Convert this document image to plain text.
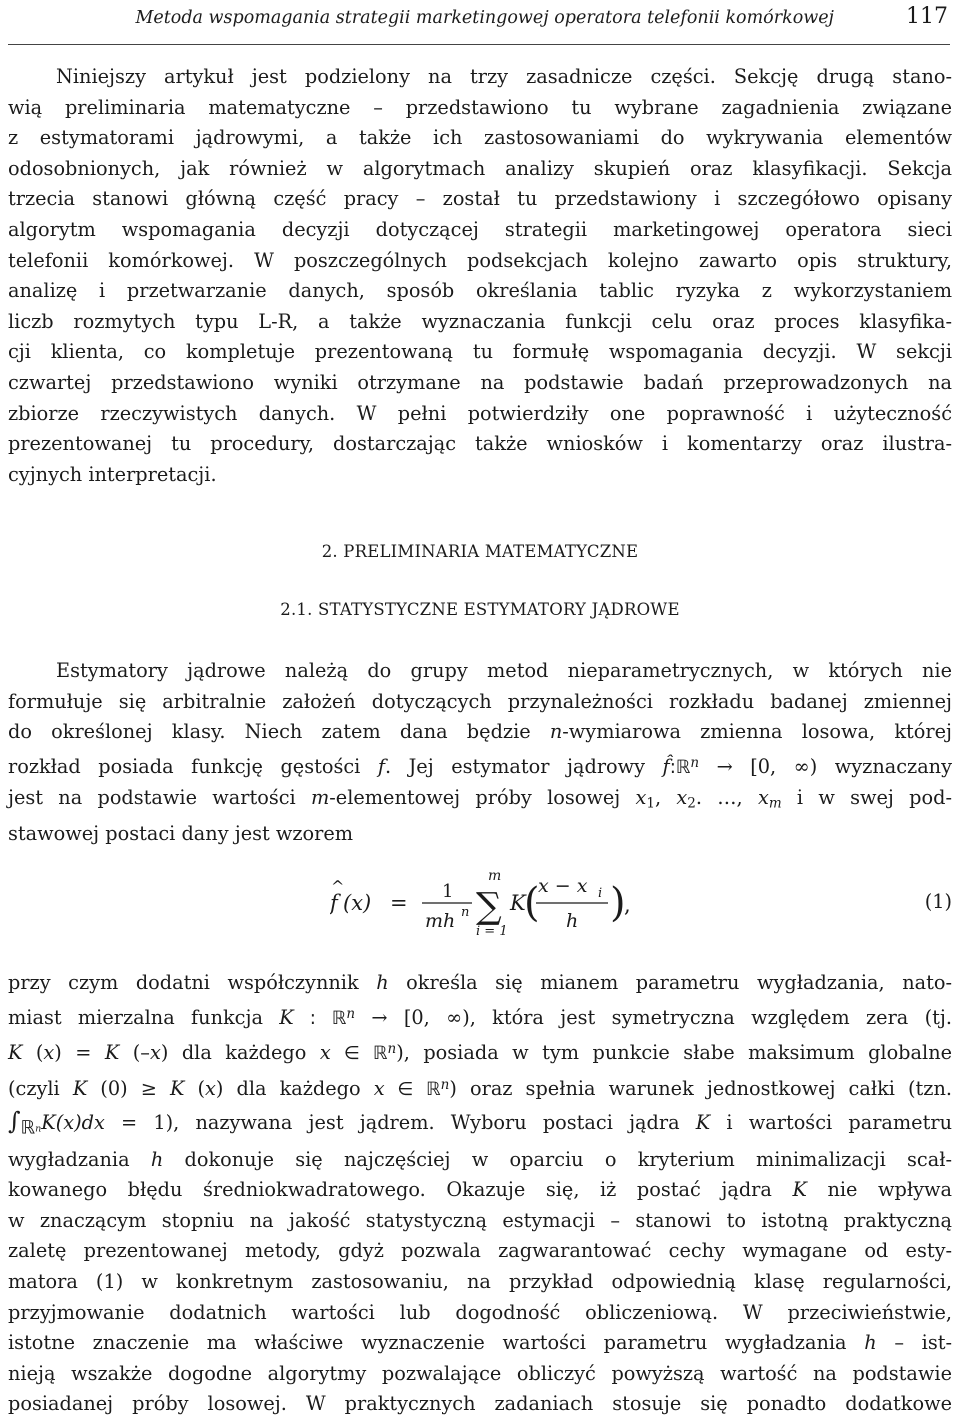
Metoda wspomagania strategii marketingowej operatora telefonii komórkowej	117

Niniejszy artykuł jest podzielony na trzy zasadnicze części. Sekcję drugą stano-
wią preliminaria matematyczne – przedstawiono tu wybrane zagadnienia związane
z estymatorami jądrowymi, a także ich zastosowaniami do wykrywania elementów
odosobnionych, jak również w algorytmach analizy skupień oraz klasyfikacji. Sekcja
trzecia stanowi główną część pracy – został tu przedstawiony i szczegółowo opisany
algorytm wspomagania decyzji dotyczącej strategii marketingowej operatora sieci
telefonii komórkowej. W poszczególnych podsekcjach kolejno zawarto opis struktury,
analizę i przetwarzanie danych, sposób określania tablic ryzyka z wykorzystaniem
liczb rozmytych typu L-R, a także wyznaczania funkcji celu oraz proces klasyfika-
cji klienta, co kompletuje prezentowaną tu formułę wspomagania decyzji. W sekcji
czwartej przedstawiono wyniki otrzymane na podstawie badań przeprowadzonych na
zbiorze rzeczywistych danych. W pełni potwierdziły one poprawność i użyteczność
prezentowanej tu procedury, dostarczając także wniosków i komentarzy oraz ilustra-
cyjnych interpretacji.

2. PRELIMINARIA MATEMATYCZNE
2.1. STATYSTYCZNE ESTYMATORY JĄDROWE

Estymatory jądrowe należą do grupy metod nieparametrycznych, w których nie
formułuje się arbitralnie założeń dotyczących przynależności rozkładu badanej zmiennej
do określonej klasy. Niech zatem dana będzie n-wymiarowa zmienna losowa, której
rozkład posiada funkcję gęstości f. Jej estymator jądrowy f̂:ℝ$^n$ → [0, ∞) wyznaczany
jest na podstawie wartości m-elementowej próby losowej $x_1$, $x_2$. …, $x_m$ i w swej pod-
stawowej postaci dany jest wzorem

f
^
(x) = 1
mh n
m
∑
i = 1
K
(
x − x i
h )
,	(1)

przy czym dodatni współczynnik h określa się mianem parametru wygładzania, nato-
miast mierzalna funkcja K : ℝ$^n$ → [0, ∞), która jest symetryczna względem zera (tj.
K (x) = K (–x) dla każdego x ∈ ℝ$^n$), posiada w tym punkcie słabe maksimum globalne
(czyli K (0) ≥ K (x) dla każdego x ∈ ℝ$^n$) oraz spełnia warunek jednostkowej całki (tzn.
∫ℝ$_n$K(x)dx = 1), nazywana jest jądrem. Wyboru postaci jądra K i wartości parametru
wygładzania h dokonuje się najczęściej w oparciu o kryterium minimalizacji scał-
kowanego błędu średniokwadratowego. Okazuje się, iż postać jądra K nie wpływa
w znaczącym stopniu na jakość statystyczną estymacji – stanowi to istotną praktyczną
zaletę prezentowanej metody, gdyż pozwala zagwarantować cechy wymagane od esty-
matora (1) w konkretnym zastosowaniu, na przykład odpowiednią klasę regularności,
przyjmowanie dodatnich wartości lub dogodność obliczeniową. W przeciwieństwie,
istotne znaczenie ma właściwe wyznaczenie wartości parametru wygładzania h – ist-
nieją wszakże dogodne algorytmy pozwalające obliczyć powyższą wartość na podstawie
posiadanej próby losowej. W praktycznych zadaniach stosuje się ponadto dodatkowe
